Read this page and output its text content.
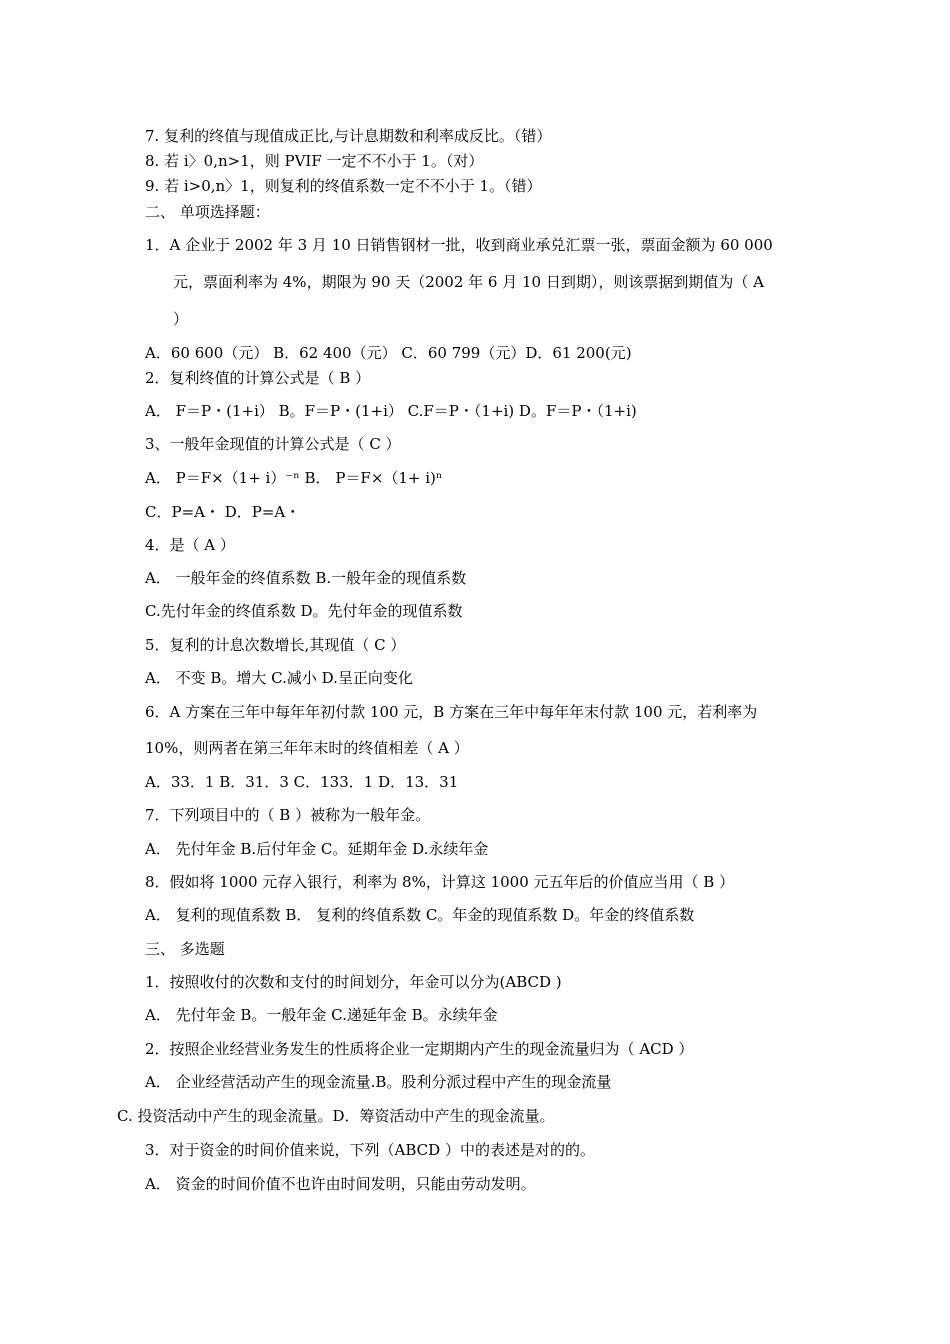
7. 复利的终值与现值成正比,与计息期数和利率成反比。（错）
8. 若 i〉0,n>1，则 PVIF 一定不不小于 1。（对）
9. 若 i>0,n〉1，则复利的终值系数一定不不小于 1。（错）
二、 单项选择题：
1．A 企业于 2002 年 3 月 10 日销售钢材一批，收到商业承兑汇票一张，票面金额为 60 000
元，票面利率为 4%，期限为 90 天（2002 年 6 月 10 日到期），则该票据到期值为（ A
）
A．60 600（元） B．62 400（元） C．60 799（元）D．61 200(元)
2．复利终值的计算公式是（ B ）
A． F＝P・(1+i） B。F＝P・(1+i） C.F＝P・（1+i) D。F＝P・（1+i)
3、一般年金现值的计算公式是（ C ）
A． P＝F×（1+ i）⁻ⁿ B． P＝F×（1+ i)ⁿ
C．P=A・ D．P=A・
4．是（ A ）
A． 一般年金的终值系数 B.一般年金的现值系数
C.先付年金的终值系数 D。先付年金的现值系数
5．复利的计息次数增长,其现值（ C ）
A． 不变 B。增大 C.减小 D.呈正向变化
6．A 方案在三年中每年年初付款 100 元，B 方案在三年中每年年末付款 100 元，若利率为
10%，则两者在第三年年末时的终值相差（ A ）
A．33．1 B．31．3 C．133．1 D．13．31
7．下列项目中的（ B ）被称为一般年金。
A． 先付年金 B.后付年金 C。延期年金 D.永续年金
8．假如将 1000 元存入银行，利率为 8%，计算这 1000 元五年后的价值应当用（ B ）
A． 复利的现值系数 B． 复利的终值系数 C。年金的现值系数 D。年金的终值系数
三、 多选题
1．按照收付的次数和支付的时间划分，年金可以分为(ABCD )
A． 先付年金 B。一般年金 C.递延年金 B。永续年金
2．按照企业经营业务发生的性质将企业一定期期内产生的现金流量归为（ ACD ）
A． 企业经营活动产生的现金流量.B。股利分派过程中产生的现金流量
C. 投资活动中产生的现金流量。D．筹资活动中产生的现金流量。
3．对于资金的时间价值来说，下列（ABCD ）中的表述是对的的。
A． 资金的时间价值不也许由时间发明，只能由劳动发明。
